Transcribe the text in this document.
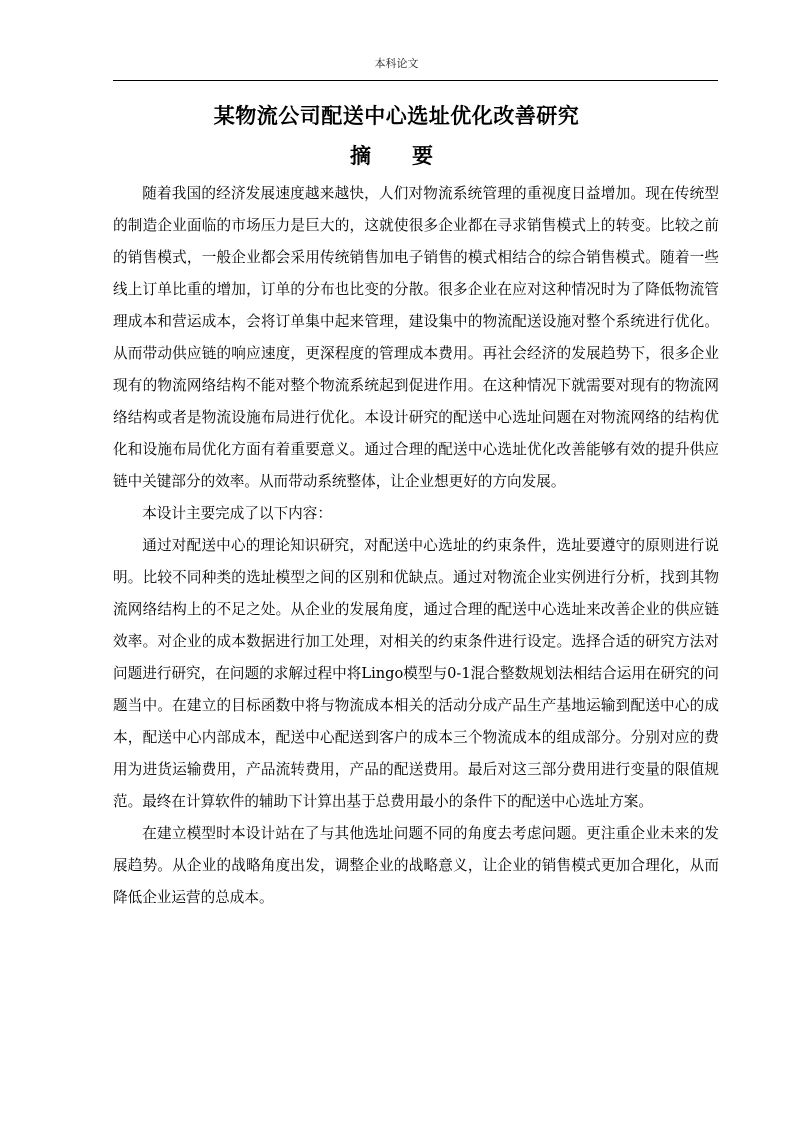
本科论文
某物流公司配送中心选址优化改善研究
摘　要

随着我国的经济发展速度越来越快，人们对物流系统管理的重视度日益增加。现在传统型的制造企业面临的市场压力是巨大的，这就使很多企业都在寻求销售模式上的转变。比较之前的销售模式，一般企业都会采用传统销售加电子销售的模式相结合的综合销售模式。随着一些线上订单比重的增加，订单的分布也比变的分散。很多企业在应对这种情况时为了降低物流管理成本和营运成本，会将订单集中起来管理，建设集中的物流配送设施对整个系统进行优化。从而带动供应链的响应速度，更深程度的管理成本费用。再社会经济的发展趋势下，很多企业现有的物流网络结构不能对整个物流系统起到促进作用。在这种情况下就需要对现有的物流网络结构或者是物流设施布局进行优化。本设计研究的配送中心选址问题在对物流网络的结构优化和设施布局优化方面有着重要意义。通过合理的配送中心选址优化改善能够有效的提升供应链中关键部分的效率。从而带动系统整体，让企业想更好的方向发展。

本设计主要完成了以下内容：

通过对配送中心的理论知识研究，对配送中心选址的约束条件，选址要遵守的原则进行说明。比较不同种类的选址模型之间的区别和优缺点。通过对物流企业实例进行分析，找到其物流网络结构上的不足之处。从企业的发展角度，通过合理的配送中心选址来改善企业的供应链效率。对企业的成本数据进行加工处理，对相关的约束条件进行设定。选择合适的研究方法对问题进行研究，在问题的求解过程中将Lingo模型与0-1混合整数规划法相结合运用在研究的问题当中。在建立的目标函数中将与物流成本相关的活动分成产品生产基地运输到配送中心的成本，配送中心内部成本，配送中心配送到客户的成本三个物流成本的组成部分。分别对应的费用为进货运输费用，产品流转费用，产品的配送费用。最后对这三部分费用进行变量的限值规范。最终在计算软件的辅助下计算出基于总费用最小的条件下的配送中心选址方案。

在建立模型时本设计站在了与其他选址问题不同的角度去考虑问题。更注重企业未来的发展趋势。从企业的战略角度出发，调整企业的战略意义，让企业的销售模式更加合理化，从而降低企业运营的总成本。
